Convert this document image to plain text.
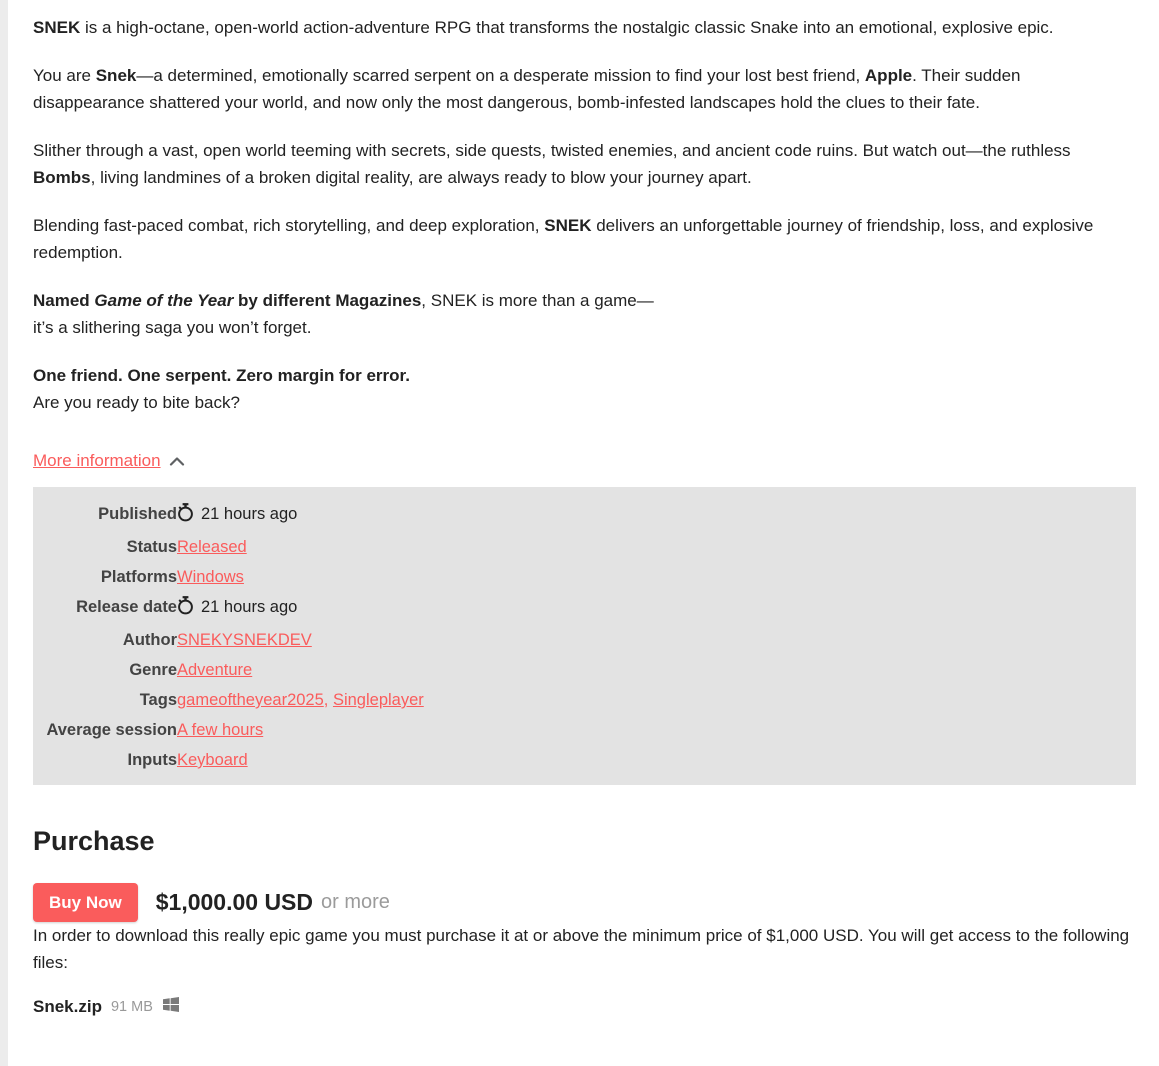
SNEK is a high-octane, open-world action-adventure RPG that transforms the nostalgic classic Snake into an emotional, explosive epic.

You are Snek—a determined, emotionally scarred serpent on a desperate mission to find your lost best friend, Apple. Their sudden disappearance shattered your world, and now only the most dangerous, bomb-infested landscapes hold the clues to their fate.

Slither through a vast, open world teeming with secrets, side quests, twisted enemies, and ancient code ruins. But watch out—the ruthless Bombs, living landmines of a broken digital reality, are always ready to blow your journey apart.

Blending fast-paced combat, rich storytelling, and deep exploration, SNEK delivers an unforgettable journey of friendship, loss, and explosive redemption.

Named Game of the Year by different Magazines, SNEK is more than a game—
it’s a slithering saga you won’t forget.

One friend. One serpent. Zero margin for error.
Are you ready to bite back?

More information
Published	21 hours ago
Status	Released
Platforms	Windows
Release date	21 hours ago
Author	SNEKYSNEKDEV
Genre	Adventure
Tags	gameoftheyear2025, Singleplayer
Average session	A few hours
Inputs	Keyboard
Purchase
Buy Now	$1,000.00 USD or more

In order to download this really epic game you must purchase it at or above the minimum price of $1,000 USD. You will get access to the following files:

Snek.zip 91 MB
